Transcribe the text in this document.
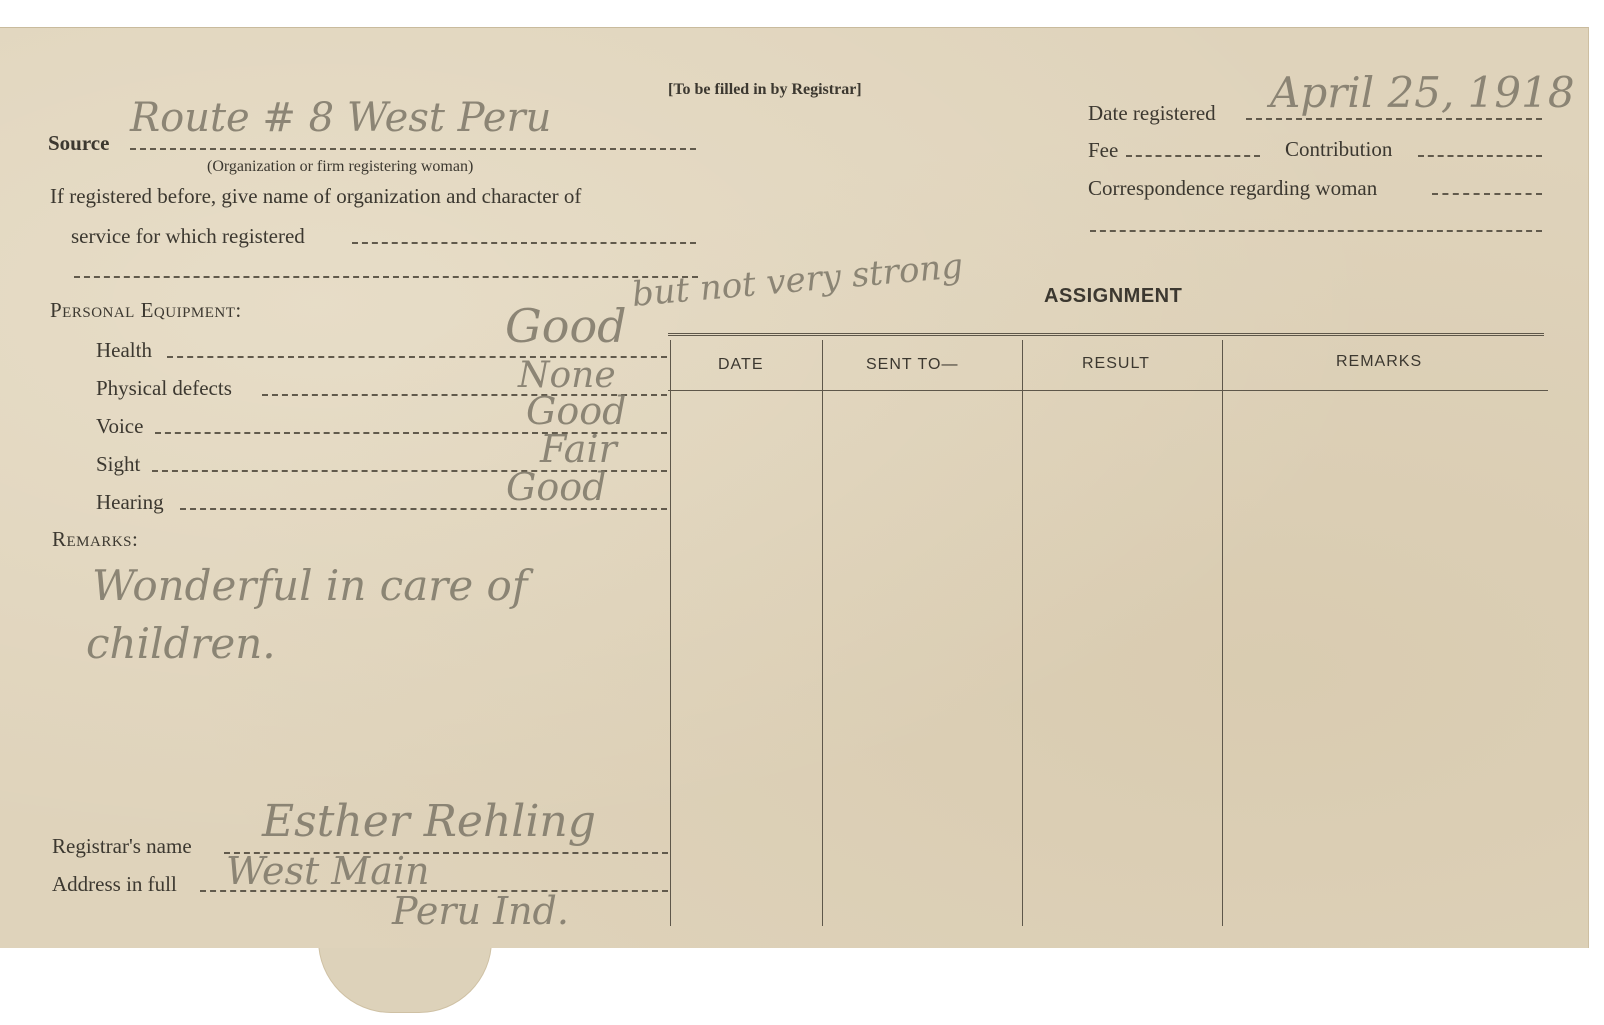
[To be filled in by Registrar]
Source
Route # 8 West Peru
(Organization or firm registering woman)
If registered before, give name of organization and character of
service for which registered
Date registered April 25, 1918
Fee	Contribution
Correspondence regarding woman
Personal Equipment:	but not very strong
Health	Good
Physical defects	None
Voice	Good
Sight	Fair
Hearing	Good
Remarks:
Wonderful in care of
children.
Registrar's name Esther Rehling
Address in full West Main
Peru Ind.
ASSIGNMENT
DATE	SENT TO—	RESULT	REMARKS
